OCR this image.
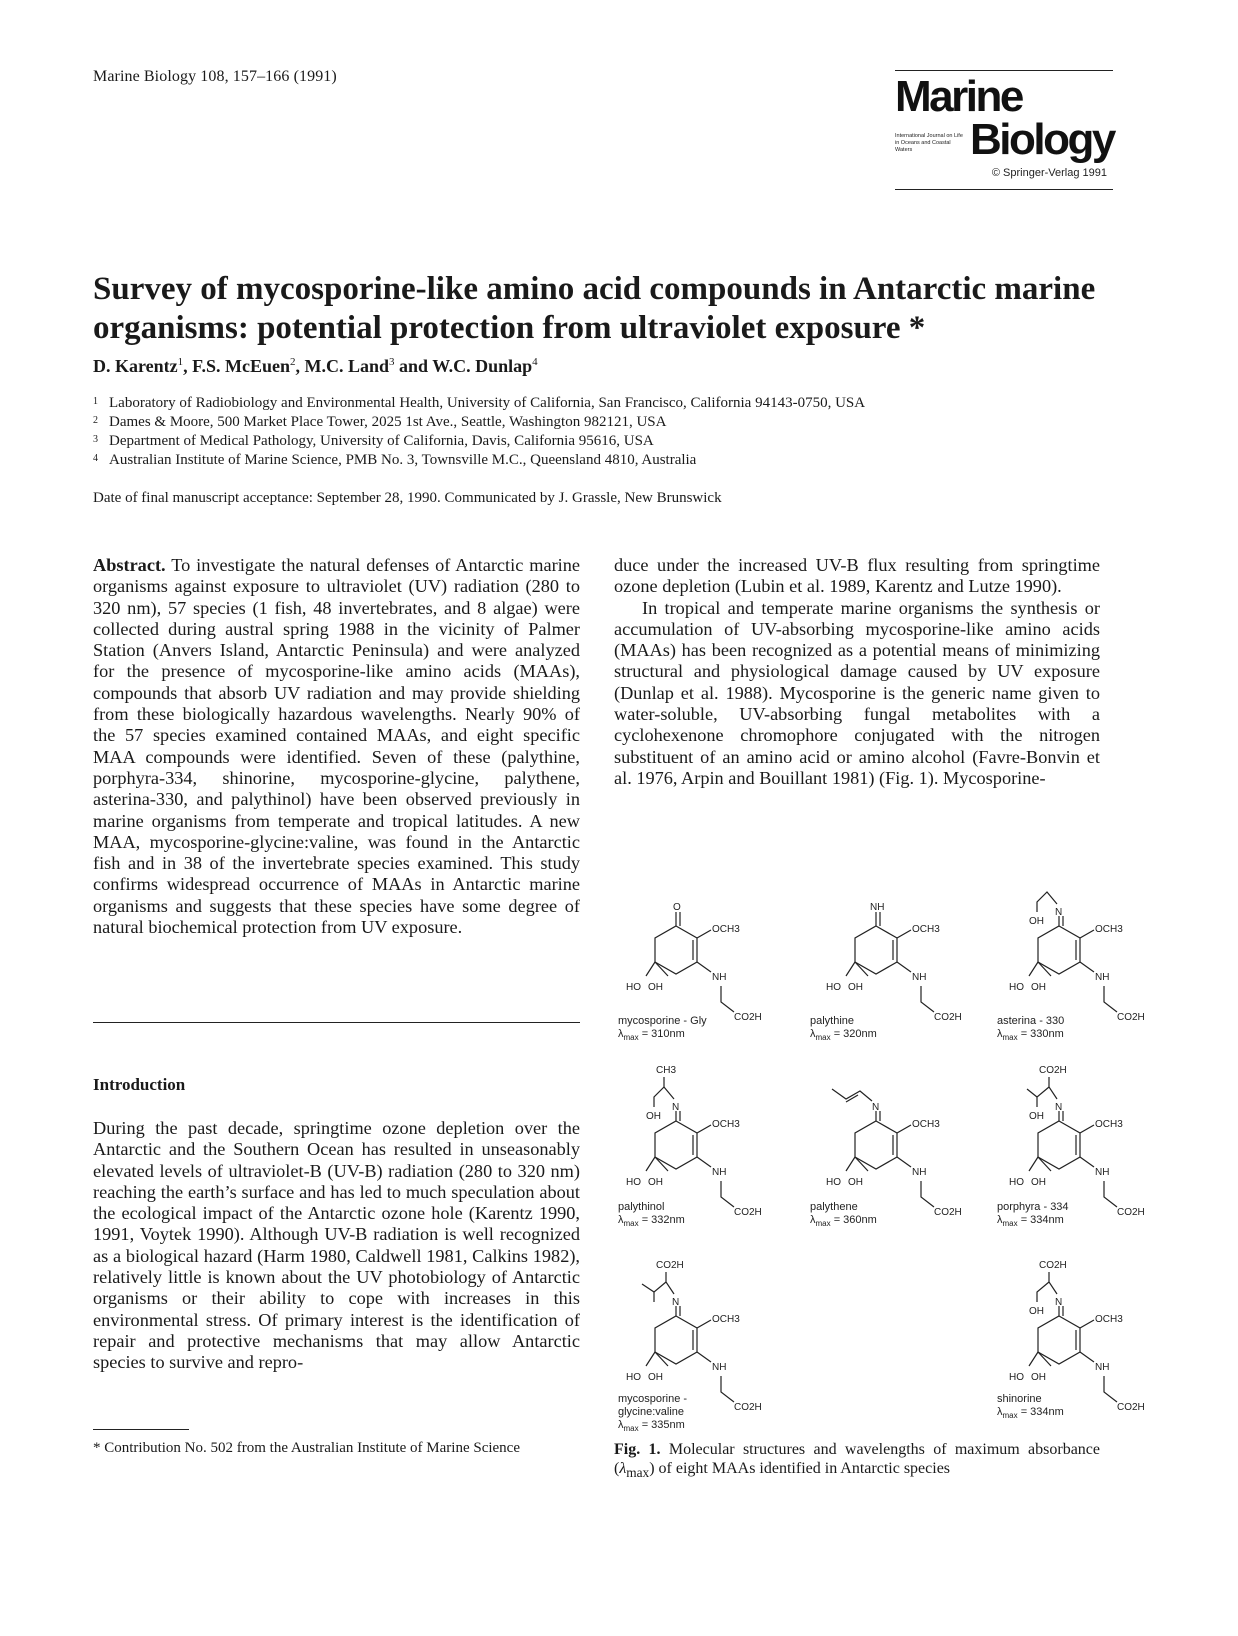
Marine Biology 108, 157–166 (1991)	Marine
International Journal on Life in Oceans and Coastal Waters	Biology
© Springer-Verlag 1991
Survey of mycosporine-like amino acid compounds in Antarctic marine organisms: potential protection from ultraviolet exposure *
D. Karentz$^1$, F.S. McEuen$^2$, M.C. Land$^3$ and W.C. Dunlap$^4$
1 Laboratory of Radiobiology and Environmental Health, University of California, San Francisco, California 94143-0750, USA
2 Dames & Moore, 500 Market Place Tower, 2025 1st Ave., Seattle, Washington 982121, USA
3 Department of Medical Pathology, University of California, Davis, California 95616, USA
4 Australian Institute of Marine Science, PMB No. 3, Townsville M.C., Queensland 4810, Australia
Date of final manuscript acceptance: September 28, 1990. Communicated by J. Grassle, New Brunswick

Abstract. To investigate the natural defenses of Antarctic marine organisms against exposure to ultraviolet (UV) radiation (280 to 320 nm), 57 species (1 fish, 48 invertebrates, and 8 algae) were collected during austral spring 1988 in the vicinity of Palmer Station (Anvers Island, Antarctic Peninsula) and were analyzed for the presence of mycosporine-like amino acids (MAAs), compounds that absorb UV radiation and may provide shielding from these biologically hazardous wavelengths. Nearly 90% of the 57 species examined contained MAAs, and eight specific MAA compounds were identified. Seven of these (palythine, porphyra-334, shinorine, mycosporine-glycine, palythene, asterina-330, and palythinol) have been observed previously in marine organisms from temperate and tropical latitudes. A new MAA, mycosporine-glycine:valine, was found in the Antarctic fish and in 38 of the invertebrate species examined. This study confirms widespread occurrence of MAAs in Antarctic marine organisms and suggests that these species have some degree of natural biochemical protection from UV exposure.

Introduction

During the past decade, springtime ozone depletion over the Antarctic and the Southern Ocean has resulted in unseasonably elevated levels of ultraviolet-B (UV-B) radiation (280 to 320 nm) reaching the earth’s surface and has led to much speculation about the ecological impact of the Antarctic ozone hole (Karentz 1990, 1991, Voytek 1990). Although UV-B radiation is well recognized as a biological hazard (Harm 1980, Caldwell 1981, Calkins 1982), relatively little is known about the UV photobiology of Antarctic organisms or their ability to cope with increases in this environmental stress. Of primary interest is the identification of repair and protective mechanisms that may allow Antarctic species to survive and repro-

* Contribution No. 502 from the Australian Institute of Marine Science

duce under the increased UV-B flux resulting from springtime ozone depletion (Lubin et al. 1989, Karentz and Lutze 1990).

In tropical and temperate marine organisms the synthesis or accumulation of UV-absorbing mycosporine-like amino acids (MAAs) has been recognized as a potential means of minimizing structural and physiological damage caused by UV exposure (Dunlap et al. 1988). Mycosporine is the generic name given to water-soluble, UV-absorbing fungal metabolites with a cyclohexenone chromophore conjugated with the nitrogen substituent of an amino acid or amino alcohol (Favre-Bonvin et al. 1976, Arpin and Bouillant 1981) (Fig. 1). Mycosporine-

O
OCH3
NH
CO2H
HO OH
NH
OCH3
NH
CO2H
HO OH
N
OH
OCH3
NH
CO2H
HO OH
N
CH3
OH
OCH3
NH
CO2H
HO OH
N
OCH3
NH
CO2H
HO OH
N
CO2H
OH
OCH3
NH
CO2H
HO OH
N
CO2H
OCH3
NH
CO2H
HO OH
N
CO2H
OH
OCH3
NH
CO2H
HO OH
mycosporine - Gly
$\lambda_{max} = 310nm$
palythine
$\lambda_{max} = 320nm$
asterina - 330
$\lambda_{max} = 330nm$
palythinol
$\lambda_{max} = 332nm$
palythene
$\lambda_{max} = 360nm$
porphyra - 334
$\lambda_{max} = 334nm$
mycosporine - glycine:valine
$\lambda_{max} = 335nm$
shinorine
$\lambda_{max} = 334nm$
Fig. 1. Molecular structures and wavelengths of maximum absorbance $(\lambda_{max})$ of eight MAAs identified in Antarctic species
